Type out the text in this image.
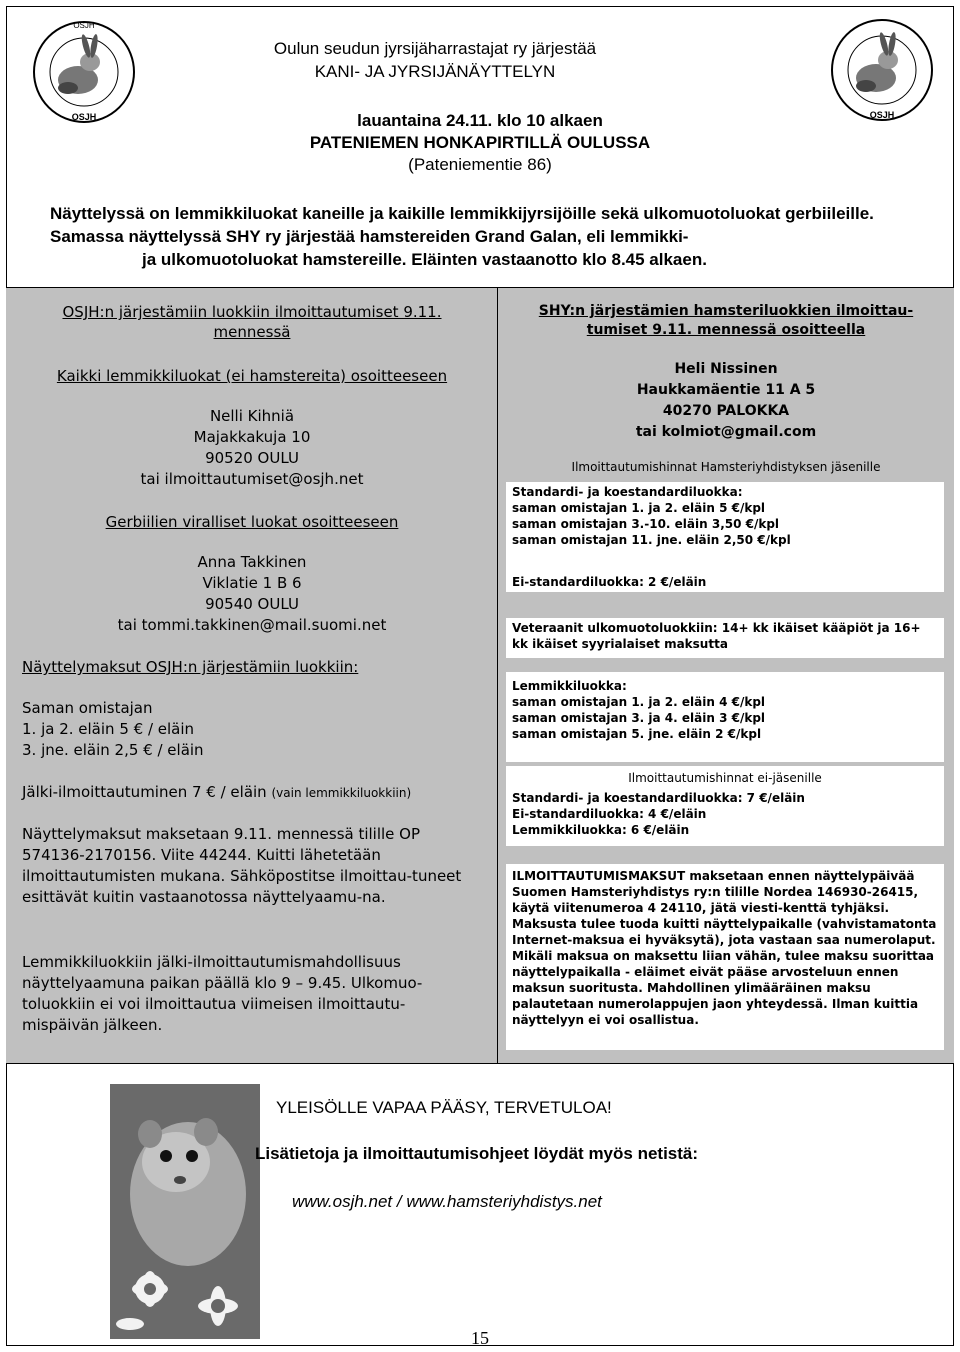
OSJH
OSJH	OSJH
Oulun seudun jyrsijäharrastajat ry järjestää
KANI- JA JYRSIJÄNÄYTTELYN
lauantaina 24.11. klo 10 alkaen
PATENIEMEN HONKAPIRTILLÄ OULUSSA
(Pateniementie 86)

Näyttelyssä on lemmikkiluokat kaneille ja kaikille lemmikkijyrsijöille sekä ulkomuotoluokat gerbiileille. Samassa näyttelyssä SHY ry järjestää hamstereiden Grand Galan, eli lemmikki-

ja ulkomuotoluokat hamstereille. Eläinten vastaanotto klo 8.45 alkaen.

OSJH:n järjestämiin luokkiin ilmoittautumiset 9.11.
mennessä
Kaikki lemmikkiluokat (ei hamstereita) osoitteeseen
Nelli Kihniä
Majakkakuja 10
90520 OULU
tai ilmoittautumiset@osjh.net
Gerbiilien viralliset luokat osoitteeseen
Anna Takkinen
Viklatie 1 B 6
90540 OULU
tai tommi.takkinen@mail.suomi.net
Näyttelymaksut OSJH:n järjestämiin luokkiin:
Saman omistajan
1. ja 2. eläin 5 € / eläin
3. jne. eläin 2,5 € / eläin
Jälki-ilmoittautuminen 7 € / eläin (vain lemmikkiluokkiin)
Näyttelymaksut maksetaan 9.11. mennessä tilille OP 574136-2170156. Viite 44244. Kuitti lähetetään ilmoittautumisten mukana. Sähköpostitse ilmoittau-tuneet esittävät kuitin vastaanotossa näyttelyaamu-na.
Lemmikkiluokkiin jälki-ilmoittautumismahdollisuus näyttelyaamuna paikan päällä klo 9 – 9.45. Ulkomuo-toluokkiin ei voi ilmoittautua viimeisen ilmoittautu-mispäivän jälkeen.
SHY:n järjestämien hamsteriluokkien ilmoittau-
tumiset 9.11. mennessä osoitteella
Heli Nissinen
Haukkamäentie 11 A 5
40270 PALOKKA
tai kolmiot@gmail.com
Ilmoittautumishinnat Hamsteriyhdistyksen jäsenille

Standardi- ja koestandardiluokka:

saman omistajan 1. ja 2. eläin 5 €/kpl

saman omistajan 3.-10. eläin 3,50 €/kpl

saman omistajan 11. jne. eläin 2,50 €/kpl

Ei-standardiluokka: 2 €/eläin

Veteraanit ulkomuotoluokkiin: 14+ kk ikäiset kääpiöt ja 16+ kk ikäiset syyrialaiset maksutta

Lemmikkiluokka:

saman omistajan 1. ja 2. eläin 4 €/kpl

saman omistajan 3. ja 4. eläin 3 €/kpl

saman omistajan 5. jne. eläin 2 €/kpl

Ilmoittautumishinnat ei-jäsenille

Standardi- ja koestandardiluokka: 7 €/eläin

Ei-standardiluokka: 4 €/eläin

Lemmikkiluokka: 6 €/eläin

ILMOITTAUTUMISMAKSUT maksetaan ennen näyttelypäivää Suomen Hamsteriyhdistys ry:n tilille Nordea 146930-26415, käytä viitenumeroa 4 24110, jätä viesti-kenttä tyhjäksi. Maksusta tulee tuoda kuitti näyttelypaikalle (vahvistamatonta Internet-maksua ei hyväksytä), jota vastaan saa numerolaput. Mikäli maksua on maksettu liian vähän, tulee maksu suorittaa näyttelypaikalla - eläimet eivät pääse arvosteluun ennen maksun suoritusta. Mahdollinen ylimääräinen maksu palautetaan numerolappujen jaon yhteydessä. Ilman kuittia näyttelyyn ei voi osallistua.
YLEISÖLLE VAPAA PÄÄSY, TERVETULOA!
Lisätietoja ja ilmoittautumisohjeet löydät myös netistä:
www.osjh.net / www.hamsteriyhdistys.net
15
